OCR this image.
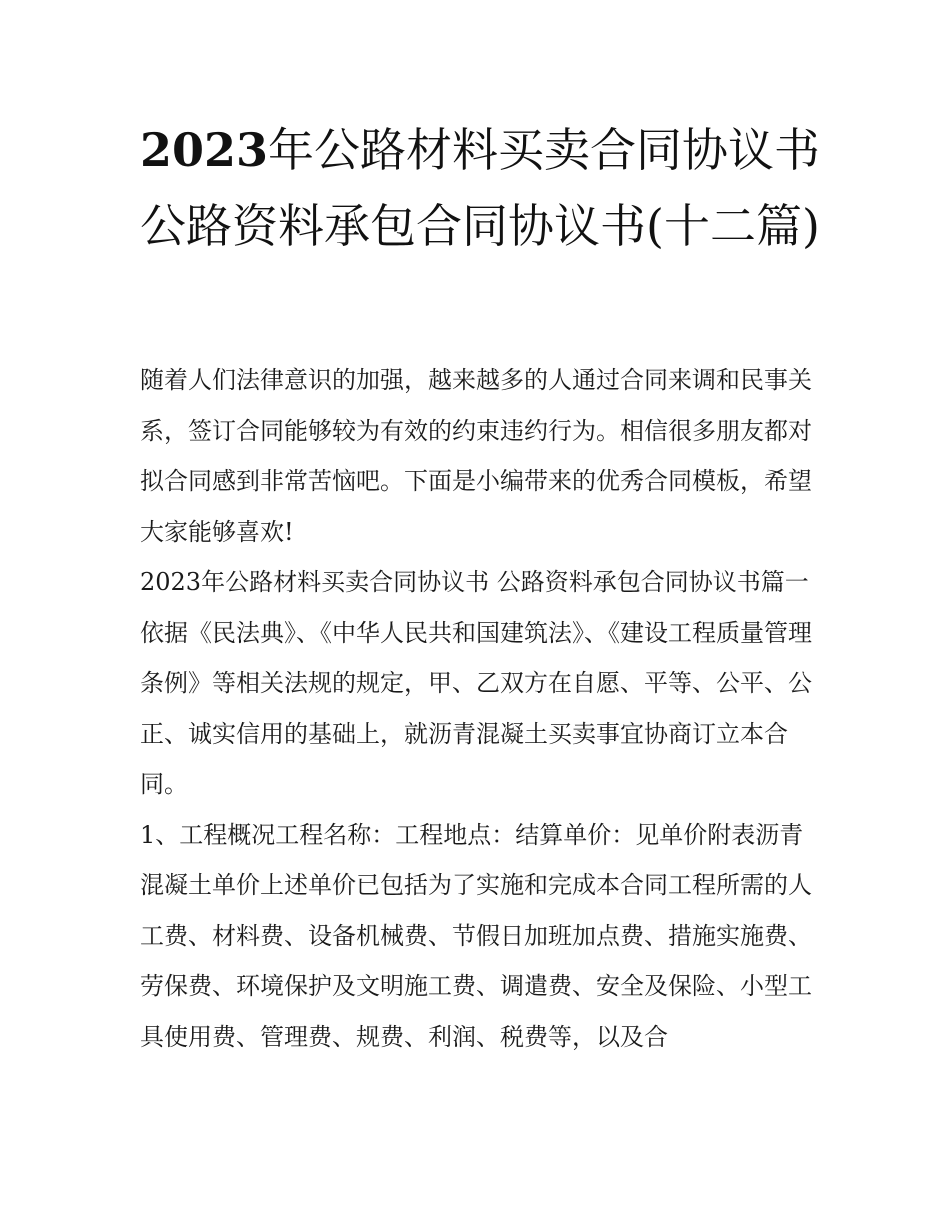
2023年公路材料买卖合同协议书 公路资料承包合同协议书(十二篇)

随着人们法律意识的加强，越来越多的人通过合同来调和民事关系，签订合同能够较为有效的约束违约行为。相信很多朋友都对拟合同感到非常苦恼吧。下面是小编带来的优秀合同模板，希望大家能够喜欢!

2023年公路材料买卖合同协议书 公路资料承包合同协议书篇一

依据《民法典》、《中华人民共和国建筑法》、《建设工程质量管理条例》等相关法规的规定，甲、乙双方在自愿、平等、公平、公正、诚实信用的基础上，就沥青混凝土买卖事宜协商订立本合同。

1、工程概况工程名称：工程地点：结算单价：见单价附表沥青混凝土单价上述单价已包括为了实施和完成本合同工程所需的人工费、材料费、设备机械费、节假日加班加点费、措施实施费、劳保费、环境保护及文明施工费、调遣费、安全及保险、小型工具使用费、管理费、规费、利润、税费等，以及合
